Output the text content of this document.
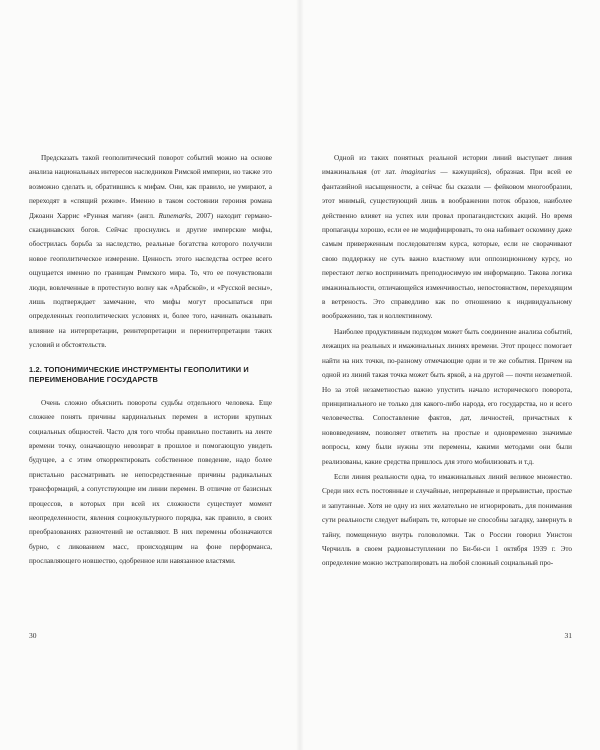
Предсказать такой геополитический поворот событий можно на основе анализа национальных интересов наследников Римской империи, но также это возможно сделать и, обратившись к мифам. Они, как правило, не умирают, а переходят в «спящий режим». Именно в таком состоянии героиня романа Джоанн Харрис «Рунная магия» (англ. Runemarks, 2007) находит германо-скандинавских богов. Сейчас проснулись и другие имперские мифы, обострилась борьба за наследство, реальные богатства которого получили новое геополитическое измерение. Ценность этого наследства острее всего ощущается именно по границам Римского мира. То, что ее почувствовали люди, вовлеченные в протестную волну как «Арабской», и «Русской весны», лишь подтверждает замечание, что мифы могут просыпаться при определенных геополитических условиях и, более того, начинать оказывать влияние на интерпретации, реинтерпретации и переинтерпретации таких условий и обстоятельств.

1.2. ТОПОНИМИЧЕСКИЕ ИНСТРУМЕНТЫ ГЕОПОЛИТИКИ И ПЕРЕИМЕНОВАНИЕ ГОСУДАРСТВ

Очень сложно объяснить повороты судьбы отдельного человека. Еще сложнее понять причины кардинальных перемен в истории крупных социальных общностей. Часто для того чтобы правильно поставить на ленте времени точку, означающую невозврат в прошлое и помогающую увидеть будущее, а с этим откорректировать собственное поведение, надо более пристально рассматривать не непосредственные причины радикальных трансформаций, а сопутствующие им линии перемен. В отличие от базисных процессов, в которых при всей их сложности существует момент неопределенности, явления социокультурного порядка, как правило, в своих преобразованиях разночтений не оставляют. В них перемены обозначаются бурно, с ликованием масс, происходящим на фоне перформанса, прославляющего новшество, одобренное или навязанное властями.

30

Одной из таких понятных реальной истории линий выступает линия имажинальная (от лат. imaginarius — кажущийся), образная. При всей ее фантазийной насыщенности, а сейчас бы сказали — фейковом многообразии, этот мнимый, существующий лишь в воображении поток образов, наиболее действенно влияет на успех или провал пропагандистских акций. Но время пропаганды хорошо, если ее не модифицировать, то она набивает оскомину даже самым приверженным последователям курса, которые, если не сворачивают свою поддержку не суть важно властному или оппозиционному курсу, но перестают легко воспринимать преподносимую им информацию. Такова логика имажинальности, отличающейся изменчивостью, непостоянством, переходящим в ветреность. Это справедливо как по отношению к индивидуальному воображению, так и коллективному.

Наиболее продуктивным подходом может быть соединение анализа событий, лежащих на реальных и имажинальных линиях времени. Этот процесс помогает найти на них точки, по-разному отмечающие одни и те же события. Причем на одной из линий такая точка может быть яркой, а на другой — почти незаметной. Но за этой незаметностью важно упустить начало исторического поворота, принципиального не только для какого-либо народа, его государства, но и всего человечества. Сопоставление фактов, дат, личностей, причастных к нововведениям, позволяет ответить на простые и одновременно значимые вопросы, кому были нужны эти перемены, какими методами они были реализованы, какие средства пришлось для этого мобилизовать и т.д.

Если линия реальности одна, то имажинальных линий великое множество. Среди них есть постоянные и случайные, непрерывные и прерывистые, простые и запутанные. Хотя не одну из них желательно не игнорировать, для понимания сути реальности следует выбирать те, которые не способны загадку, завернуть в тайну, помещенную внутрь головоломки. Так о России говорил Уинстон Черчилль в своем радиовыступлении по Би-би-си 1 октября 1939 г. Это определение можно экстраполировать на любой сложный социальный про-

31
